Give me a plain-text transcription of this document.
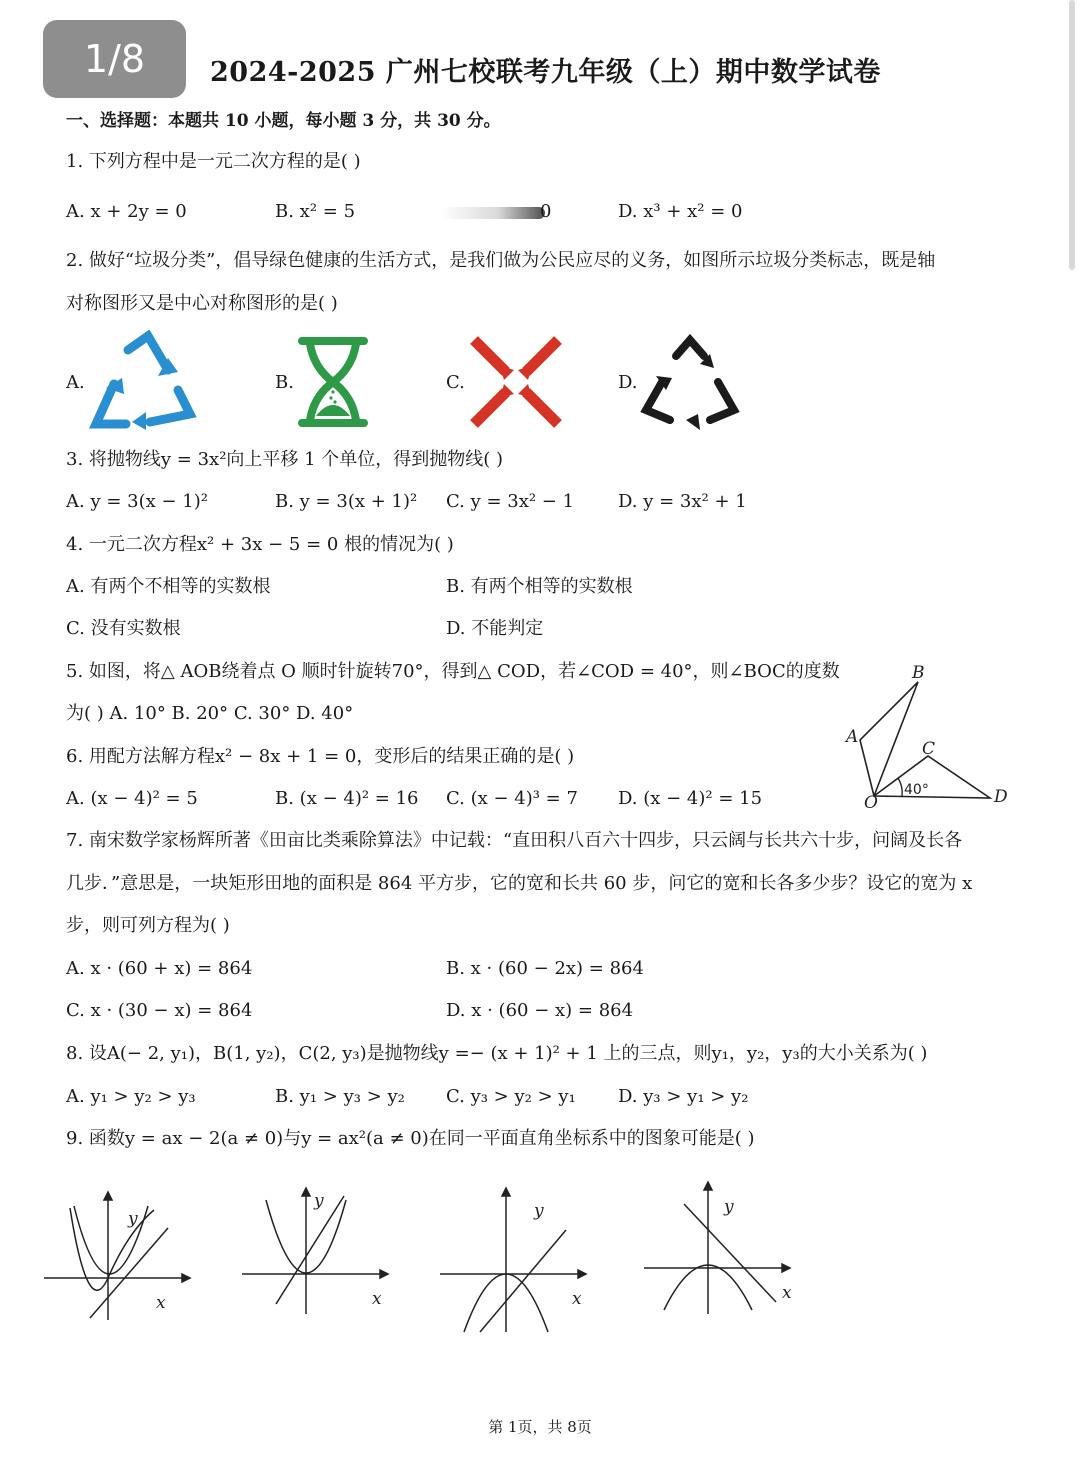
1/8	2024-2025 广州七校联考九年级（上）期中数学试卷
一、选择题：本题共 10 小题，每小题 3 分，共 30 分。
1. 下列方程中是一元二次方程的是( )
A. x + 2y = 0	B. x² = 5	0	D. x³ + x² = 0
2. 做好“垃圾分类”，倡导绿色健康的生活方式，是我们做为公民应尽的义务，如图所示垃圾分类标志，既是轴
对称图形又是中心对称图形的是( )
A.	B.	C.	D.
3. 将抛物线y = 3x²向上平移 1 个单位，得到抛物线( )
A. y = 3(x − 1)²	B. y = 3(x + 1)² C. y = 3x² − 1 D. y = 3x² + 1
4. 一元二次方程x² + 3x − 5 = 0 根的情况为( )
A. 有两个不相等的实数根	B. 有两个相等的实数根
C. 没有实数根	D. 不能判定
5. 如图，将△ AOB绕着点 O 顺时针旋转70°，得到△ COD，若∠COD = 40°，则∠BOC的度数
为( ) A. 10° B. 20° C. 30° D. 40°
B
A
C
O	D
40°
6. 用配方法解方程x² − 8x + 1 = 0，变形后的结果正确的是( )
A. (x − 4)² = 5	B. (x − 4)² = 16 C. (x − 4)³ = 7 D. (x − 4)² = 15
7. 南宋数学家杨辉所著《田亩比类乘除算法》中记载：“直田积八百六十四步，只云阔与长共六十步，问阔及长各
几步．”意思是，一块矩形田地的面积是 864 平方步，它的宽和长共 60 步，问它的宽和长各多少步？设它的宽为 x
步，则可列方程为( )
A. x · (60 + x) = 864	B. x · (60 − 2x) = 864
C. x · (30 − x) = 864	D. x · (60 − x) = 864
8. 设A(− 2, y₁)，B(1, y₂)，C(2, y₃)是抛物线y =− (x + 1)² + 1 上的三点，则y₁，y₂，y₃的大小关系为( )
A. y₁ > y₂ > y₃	B. y₁ > y₃ > y₂ C. y₃ > y₂ > y₁ D. y₃ > y₁ > y₂
9. 函数y = ax − 2(a ≠ 0)与y = ax²(a ≠ 0)在同一平面直角坐标系中的图象可能是( )
y
x
y
x
y
x
y
x
第 1页，共 8页
